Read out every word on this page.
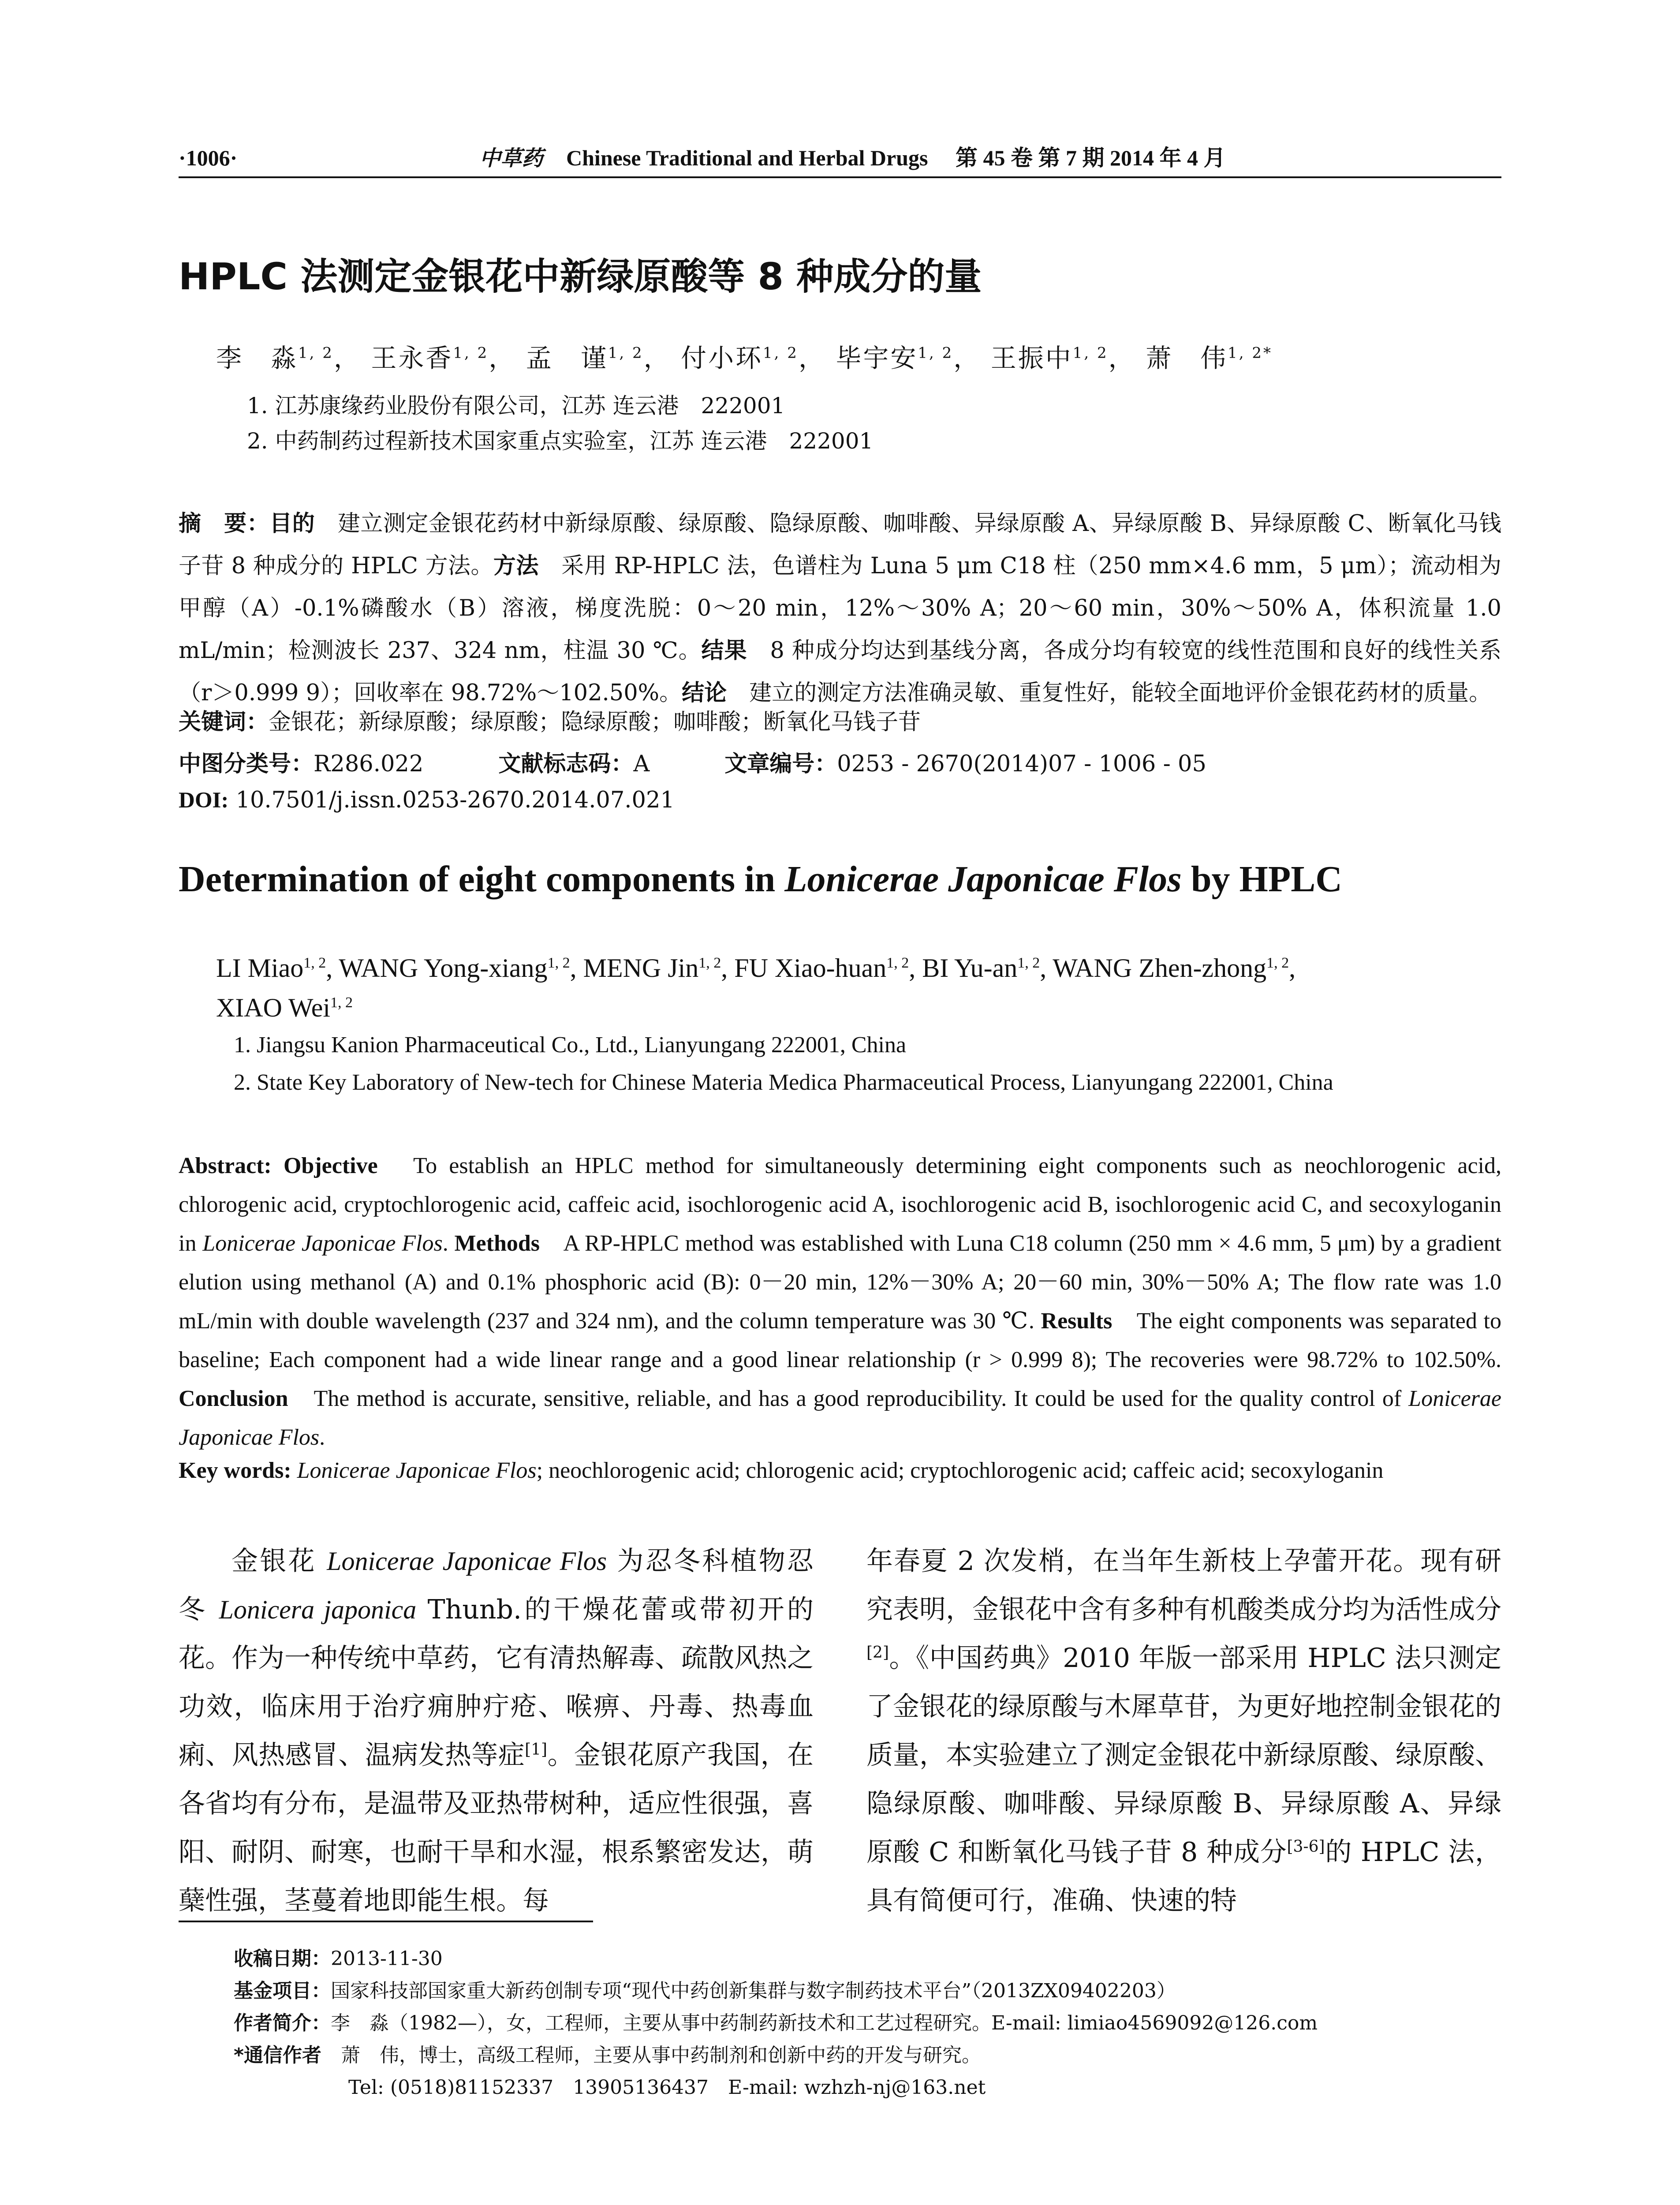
·1006·	中草药 Chinese Traditional and Herbal Drugs 第 45 卷 第 7 期 2014 年 4 月
HPLC 法测定金银花中新绿原酸等 8 种成分的量
李　淼$^{1, 2}$， 王永香$^{1, 2}$， 孟　谨$^{1, 2}$， 付小环$^{1, 2}$， 毕宇安$^{1, 2}$， 王振中$^{1, 2}$， 萧　伟$^{1, 2*}$
1. 江苏康缘药业股份有限公司，江苏 连云港　222001
2. 中药制药过程新技术国家重点实验室，江苏 连云港　222001
摘　要：目的　建立测定金银花药材中新绿原酸、绿原酸、隐绿原酸、咖啡酸、异绿原酸 A、异绿原酸 B、异绿原酸 C、断氧化马钱子苷 8 种成分的 HPLC 方法。方法　采用 RP-HPLC 法，色谱柱为 Luna 5 μm C18 柱（250 mm×4.6 mm，5 μm）；流动相为甲醇（A）-0.1%磷酸水（B）溶液，梯度洗脱：0～20 min，12%～30% A；20～60 min，30%～50% A，体积流量 1.0 mL/min；检测波长 237、324 nm，柱温 30 ℃。结果　8 种成分均达到基线分离，各成分均有较宽的线性范围和良好的线性关系（r＞0.999 9）；回收率在 98.72%～102.50%。结论　建立的测定方法准确灵敏、重复性好，能较全面地评价金银花药材的质量。
关键词：金银花；新绿原酸；绿原酸；隐绿原酸；咖啡酸；断氧化马钱子苷
中图分类号：R286.022	文献标志码：A	文章编号：0253 - 2670(2014)07 - 1006 - 05
DOI: 10.7501/j.issn.0253-2670.2014.07.021
Determination of eight components in Lonicerae Japonicae Flos by HPLC
LI Miao$^{1, 2}$, WANG Yong-xiang$^{1, 2}$, MENG Jin$^{1, 2}$, FU Xiao-huan$^{1, 2}$, BI Yu-an$^{1, 2}$, WANG Zhen-zhong$^{1, 2}$,
XIAO Wei$^{1, 2}$
1. Jiangsu Kanion Pharmaceutical Co., Ltd., Lianyungang 222001, China
2. State Key Laboratory of New-tech for Chinese Materia Medica Pharmaceutical Process, Lianyungang 222001, China
Abstract: Objective　To establish an HPLC method for simultaneously determining eight components such as neochlorogenic acid, chlorogenic acid, cryptochlorogenic acid, caffeic acid, isochlorogenic acid A, isochlorogenic acid B, isochlorogenic acid C, and secoxyloganin in Lonicerae Japonicae Flos. Methods　A RP-HPLC method was established with Luna C18 column (250 mm × 4.6 mm, 5 μm) by a gradient elution using methanol (A) and 0.1% phosphoric acid (B): 0－20 min, 12%－30% A; 20－60 min, 30%－50% A; The flow rate was 1.0 mL/min with double wavelength (237 and 324 nm), and the column temperature was 30 ℃. Results　The eight components was separated to baseline; Each component had a wide linear range and a good linear relationship (r > 0.999 8); The recoveries were 98.72% to 102.50%. Conclusion　The method is accurate, sensitive, reliable, and has a good reproducibility. It could be used for the quality control of Lonicerae Japonicae Flos.
Key words: Lonicerae Japonicae Flos; neochlorogenic acid; chlorogenic acid; cryptochlorogenic acid; caffeic acid; secoxyloganin
金银花 Lonicerae Japonicae Flos 为忍冬科植物忍冬 Lonicera japonica Thunb.的干燥花蕾或带初开的花。作为一种传统中草药，它有清热解毒、疏散风热之功效，临床用于治疗痈肿疔疮、喉痹、丹毒、热毒血痢、风热感冒、温病发热等症[1]。金银花原产我国，在各省均有分布，是温带及亚热带树种，适应性很强，喜阳、耐阴、耐寒，也耐干旱和水湿，根系繁密发达，萌蘖性强，茎蔓着地即能生根。每
年春夏 2 次发梢，在当年生新枝上孕蕾开花。现有研究表明，金银花中含有多种有机酸类成分均为活性成分[2]。《中国药典》2010 年版一部采用 HPLC 法只测定了金银花的绿原酸与木犀草苷，为更好地控制金银花的质量，本实验建立了测定金银花中新绿原酸、绿原酸、隐绿原酸、咖啡酸、异绿原酸 B、异绿原酸 A、异绿原酸 C 和断氧化马钱子苷 8 种成分[3-6]的 HPLC 法，具有简便可行，准确、快速的特
收稿日期：2013-11-30
基金项目：国家科技部国家重大新药创制专项“现代中药创新集群与数字制药技术平台”（2013ZX09402203）
作者简介：李　淼（1982—），女，工程师，主要从事中药制药新技术和工艺过程研究。E-mail: limiao4569092@126.com
*通信作者　萧　伟，博士，高级工程师，主要从事中药制剂和创新中药的开发与研究。
Tel: (0518)81152337　13905136437　E-mail: wzhzh-nj@163.net
